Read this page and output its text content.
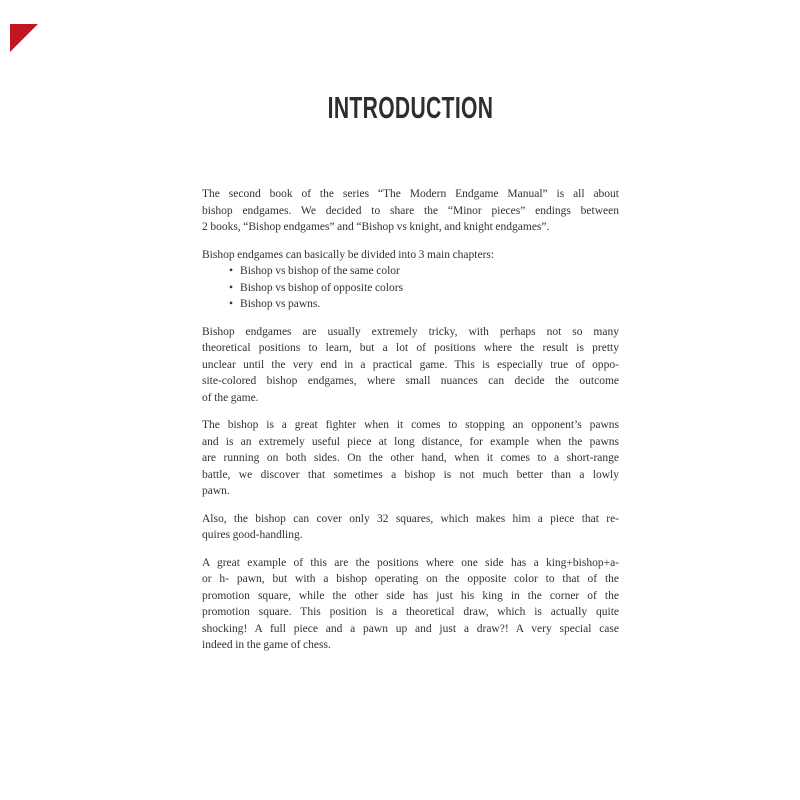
INTRODUCTION
The second book of the series “The Modern Endgame Manual” is all about
bishop endgames. We decided to share the “Minor pieces” endings between
2 books, “Bishop endgames” and “Bishop vs knight, and knight endgames”.
Bishop endgames can basically be divided into 3 main chapters:
• Bishop vs bishop of the same color
• Bishop vs bishop of opposite colors
• Bishop vs pawns.
Bishop endgames are usually extremely tricky, with perhaps not so many
theoretical positions to learn, but a lot of positions where the result is pretty
unclear until the very end in a practical game. This is especially true of oppo-
site-colored bishop endgames, where small nuances can decide the outcome
of the game.
The bishop is a great fighter when it comes to stopping an opponent’s pawns
and is an extremely useful piece at long distance, for example when the pawns
are running on both sides. On the other hand, when it comes to a short-range
battle, we discover that sometimes a bishop is not much better than a lowly
pawn.
Also, the bishop can cover only 32 squares, which makes him a piece that re-
quires good-handling.
A great example of this are the positions where one side has a king+bishop+a-
or h- pawn, but with a bishop operating on the opposite color to that of the
promotion square, while the other side has just his king in the corner of the
promotion square. This position is a theoretical draw, which is actually quite
shocking! A full piece and a pawn up and just a draw?! A very special case
indeed in the game of chess.
